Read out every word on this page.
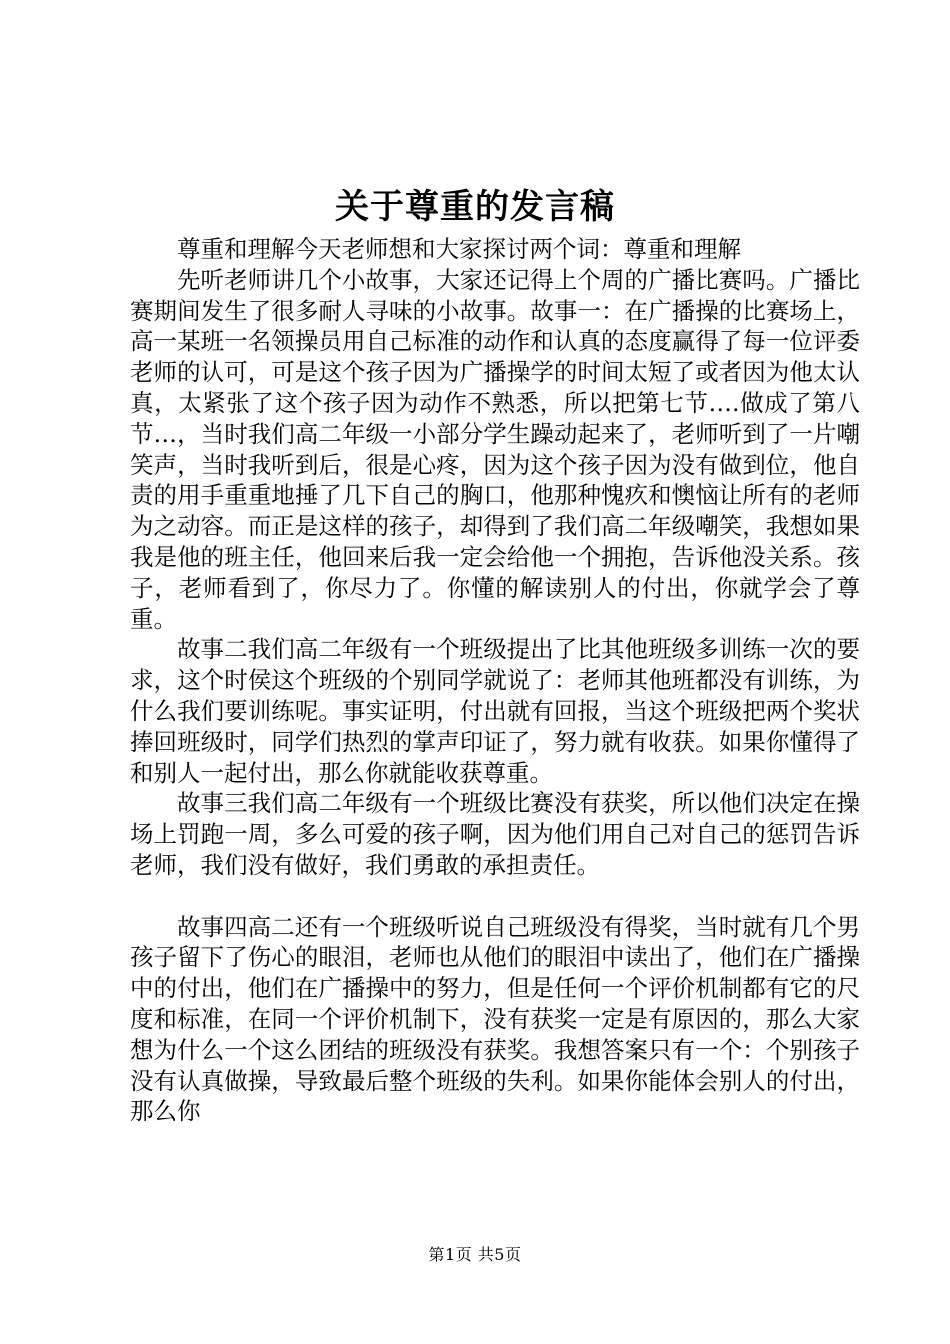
关于尊重的发言稿

尊重和理解今天老师想和大家探讨两个词：尊重和理解

先听老师讲几个小故事，大家还记得上个周的广播比赛吗。广播比赛期间发生了很多耐人寻味的小故事。故事一：在广播操的比赛场上，高一某班一名领操员用自己标准的动作和认真的态度赢得了每一位评委老师的认可，可是这个孩子因为广播操学的时间太短了或者因为他太认真，太紧张了这个孩子因为动作不熟悉，所以把第七节….做成了第八节…，当时我们高二年级一小部分学生躁动起来了，老师听到了一片嘲笑声，当时我听到后，很是心疼，因为这个孩子因为没有做到位，他自责的用手重重地捶了几下自己的胸口，他那种愧疚和懊恼让所有的老师为之动容。而正是这样的孩子，却得到了我们高二年级嘲笑，我想如果我是他的班主任，他回来后我一定会给他一个拥抱，告诉他没关系。孩子，老师看到了，你尽力了。你懂的解读别人的付出，你就学会了尊重。

故事二我们高二年级有一个班级提出了比其他班级多训练一次的要求，这个时侯这个班级的个别同学就说了：老师其他班都没有训练，为什么我们要训练呢。事实证明，付出就有回报，当这个班级把两个奖状捧回班级时，同学们热烈的掌声印证了，努力就有收获。如果你懂得了和别人一起付出，那么你就能收获尊重。

故事三我们高二年级有一个班级比赛没有获奖，所以他们决定在操场上罚跑一周，多么可爱的孩子啊，因为他们用自己对自己的惩罚告诉老师，我们没有做好，我们勇敢的承担责任。

故事四高二还有一个班级听说自己班级没有得奖，当时就有几个男孩子留下了伤心的眼泪，老师也从他们的眼泪中读出了，他们在广播操中的付出，他们在广播操中的努力，但是任何一个评价机制都有它的尺度和标准，在同一个评价机制下，没有获奖一定是有原因的，那么大家想为什么一个这么团结的班级没有获奖。我想答案只有一个：个别孩子没有认真做操，导致最后整个班级的失利。如果你能体会别人的付出，那么你

第1页 共5页
